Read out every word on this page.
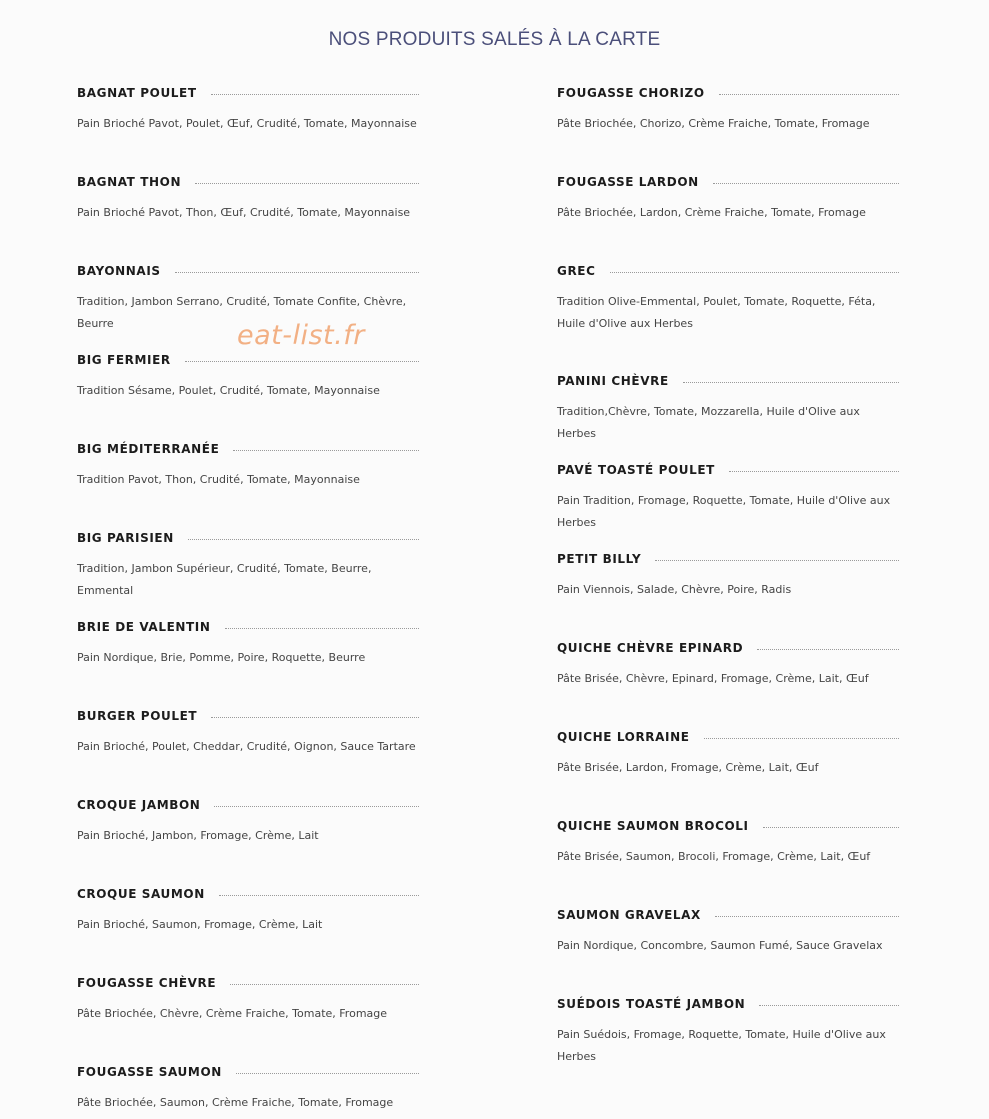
NOS PRODUITS SALÉS À LA CARTE
eat-list.fr
BAGNAT POULET
Pain Brioché Pavot, Poulet, Œuf, Crudité, Tomate, Mayonnaise
BAGNAT THON
Pain Brioché Pavot, Thon, Œuf, Crudité, Tomate, Mayonnaise
BAYONNAIS
Tradition, Jambon Serrano, Crudité, Tomate Confite, Chèvre, Beurre
BIG FERMIER
Tradition Sésame, Poulet, Crudité, Tomate, Mayonnaise
BIG MÉDITERRANÉE
Tradition Pavot, Thon, Crudité, Tomate, Mayonnaise
BIG PARISIEN
Tradition, Jambon Supérieur, Crudité, Tomate, Beurre, Emmental
BRIE DE VALENTIN
Pain Nordique, Brie, Pomme, Poire, Roquette, Beurre
BURGER POULET
Pain Brioché, Poulet, Cheddar, Crudité, Oignon, Sauce Tartare
CROQUE JAMBON
Pain Brioché, Jambon, Fromage, Crème, Lait
CROQUE SAUMON
Pain Brioché, Saumon, Fromage, Crème, Lait
FOUGASSE CHÈVRE
Pâte Briochée, Chèvre, Crème Fraiche, Tomate, Fromage
FOUGASSE SAUMON
Pâte Briochée, Saumon, Crème Fraiche, Tomate, Fromage
FOUGASSE CHORIZO
Pâte Briochée, Chorizo, Crème Fraiche, Tomate, Fromage
FOUGASSE LARDON
Pâte Briochée, Lardon, Crème Fraiche, Tomate, Fromage
GREC
Tradition Olive-Emmental, Poulet, Tomate, Roquette, Féta, Huile d'Olive aux Herbes
PANINI CHÈVRE
Tradition,Chèvre, Tomate, Mozzarella, Huile d'Olive aux Herbes
PAVÉ TOASTÉ POULET
Pain Tradition, Fromage, Roquette, Tomate, Huile d'Olive aux Herbes
PETIT BILLY
Pain Viennois, Salade, Chèvre, Poire, Radis
QUICHE CHÈVRE EPINARD
Pâte Brisée, Chèvre, Epinard, Fromage, Crème, Lait, Œuf
QUICHE LORRAINE
Pâte Brisée, Lardon, Fromage, Crème, Lait, Œuf
QUICHE SAUMON BROCOLI
Pâte Brisée, Saumon, Brocoli, Fromage, Crème, Lait, Œuf
SAUMON GRAVELAX
Pain Nordique, Concombre, Saumon Fumé, Sauce Gravelax
SUÉDOIS TOASTÉ JAMBON
Pain Suédois, Fromage, Roquette, Tomate, Huile d'Olive aux Herbes
